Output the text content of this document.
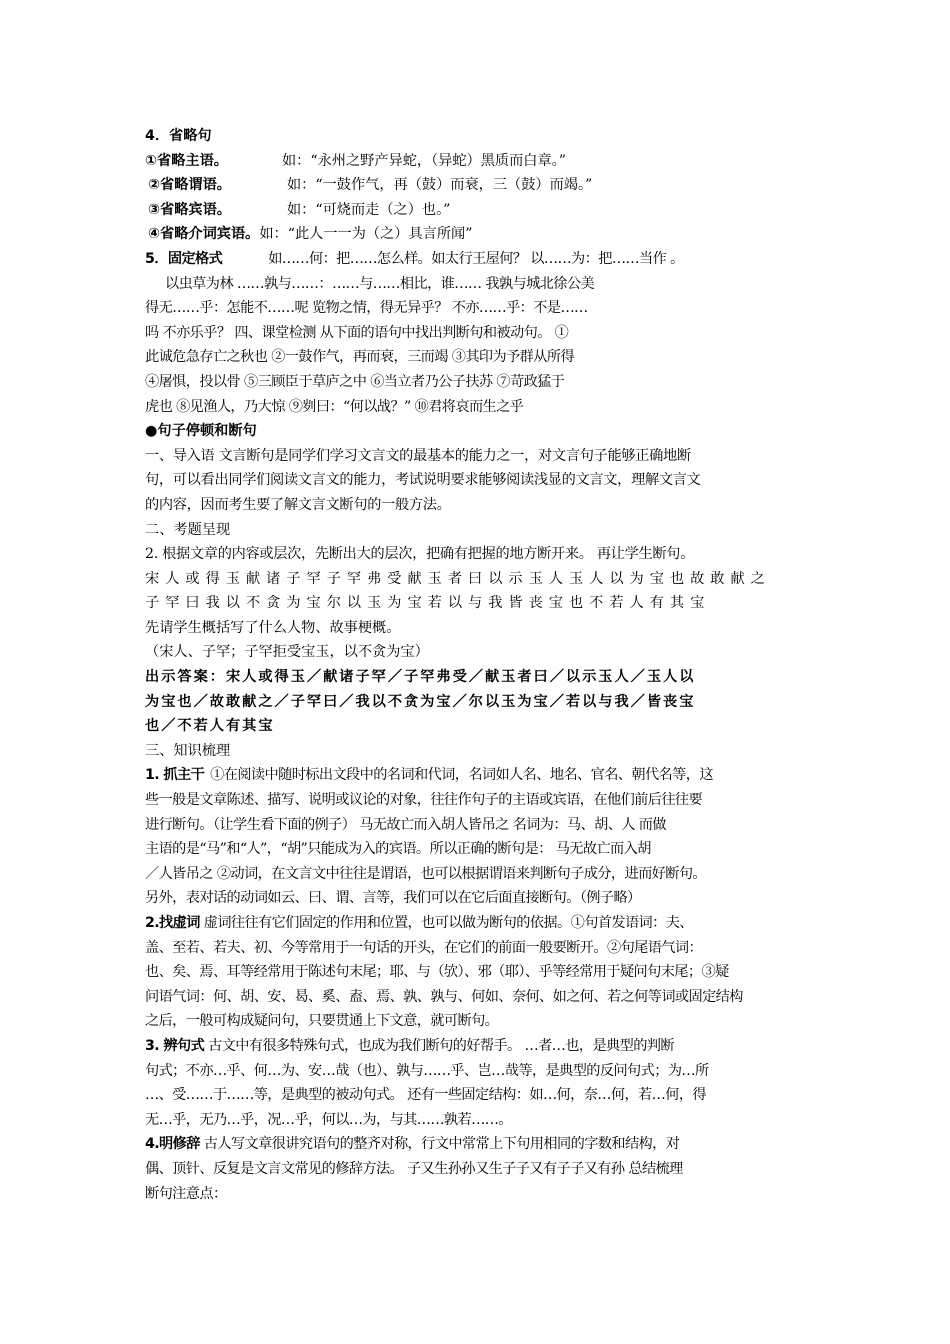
4．省略句
①省略主语。	如：“永州之野产异蛇，（异蛇）黑质而白章。”
②省略谓语。	如：“一鼓作气，再（鼓）而衰，三（鼓）而竭。”
③省略宾语。	如：“可烧而走（之）也。”
④省略介词宾语。如：“此人一一为（之）具言所闻”
5．固定格式	如……何：把……怎么样。如太行王屋何？ 以……为：把……当作 。
以虫草为林 ……孰与……：……与……相比，谁…… 我孰与城北徐公美
得无……乎：怎能不……呢 览物之情，得无异乎？ 不亦……乎：不是……
吗 不亦乐乎？ 四、课堂检测 从下面的语句中找出判断句和被动句。 ①
此诚危急存亡之秋也 ②一鼓作气，再而衰，三而竭 ③其印为予群从所得
④屠惧，投以骨 ⑤三顾臣于草庐之中 ⑥当立者乃公子扶苏 ⑦苛政猛于
虎也 ⑧见渔人，乃大惊 ⑨刿曰：“何以战？” ⑩君将哀而生之乎
●句子停顿和断句
一、导入语 文言断句是同学们学习文言文的最基本的能力之一，对文言句子能够正确地断
句，可以看出同学们阅读文言文的能力，考试说明要求能够阅读浅显的文言文，理解文言文
的内容，因而考生要了解文言文断句的一般方法。
二、考题呈现
2. 根据文章的内容或层次，先断出大的层次，把确有把握的地方断开来。 再让学生断句。
宋人或得玉献诸子罕子罕弗受献玉者曰以示玉人玉人以为宝也故敢献之
子罕曰我以不贪为宝尔以玉为宝若以与我皆丧宝也不若人有其宝
先请学生概括写了什么人物、故事梗概。
（宋人、子罕；子罕拒受宝玉，以不贪为宝）
出示答案：宋人或得玉／献诸子罕／子罕弗受／献玉者曰／以示玉人／玉人以
为宝也／故敢献之／子罕曰／我以不贪为宝／尔以玉为宝／若以与我／皆丧宝
也／不若人有其宝
三、知识梳理
1. 抓主干 ①在阅读中随时标出文段中的名词和代词，名词如人名、地名、官名、朝代名等，这
些一般是文章陈述、描写、说明或议论的对象，往往作句子的主语或宾语，在他们前后往往要
进行断句。（让学生看下面的例子） 马无故亡而入胡人皆吊之 名词为：马、胡、人 而做
主语的是“马”和“人”，“胡”只能成为入的宾语。所以正确的断句是： 马无故亡而入胡
／人皆吊之 ②动词，在文言文中往往是谓语，也可以根据谓语来判断句子成分，进而好断句。
另外，表对话的动词如云、曰、谓、言等，我们可以在它后面直接断句。（例子略）
2.找虚词 虚词往往有它们固定的作用和位置，也可以做为断句的依据。①句首发语词：夫、
盖、至若、若夫、初、今等常用于一句话的开头，在它们的前面一般要断开。②句尾语气词：
也、矣、焉、耳等经常用于陈述句末尾；耶、与（欤）、邪（耶）、乎等经常用于疑问句末尾；③疑
问语气词：何、胡、安、曷、奚、盍、焉、孰、孰与、何如、奈何、如之何、若之何等词或固定结构
之后，一般可构成疑问句，只要贯通上下文意，就可断句。
3. 辨句式 古文中有很多特殊句式，也成为我们断句的好帮手。 …者…也，是典型的判断
句式；不亦…乎、何…为、安…哉（也）、孰与……乎、岂…哉等，是典型的反问句式；为…所
…、受……于……等，是典型的被动句式。 还有一些固定结构：如…何，奈…何，若…何，得
无…乎，无乃…乎，况…乎，何以…为，与其……孰若……。
4.明修辞 古人写文章很讲究语句的整齐对称，行文中常常上下句用相同的字数和结构，对
偶、顶针、反复是文言文常见的修辞方法。 子又生孙孙又生子子又有子子又有孙 总结梳理
断句注意点：
